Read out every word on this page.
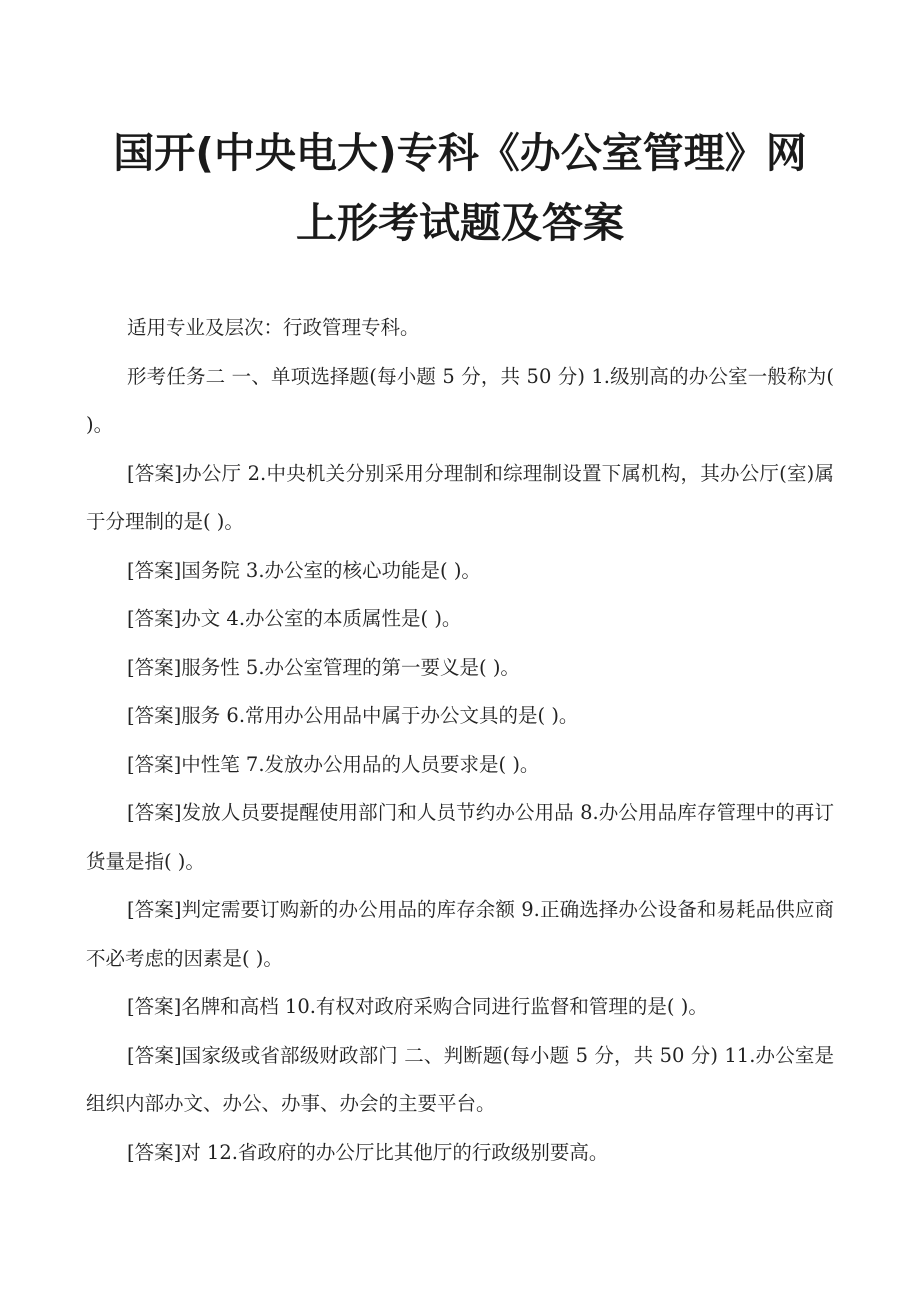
国开(中央电大)专科《办公室管理》网
上形考试题及答案

适用专业及层次：行政管理专科。

形考任务二 一、单项选择题(每小题 5 分，共 50 分) 1.级别高的办公室一般称为( )。

[答案]办公厅 2.中央机关分别采用分理制和综理制设置下属机构，其办公厅(室)属于分理制的是( )。

[答案]国务院 3.办公室的核心功能是( )。

[答案]办文 4.办公室的本质属性是( )。

[答案]服务性 5.办公室管理的第一要义是( )。

[答案]服务 6.常用办公用品中属于办公文具的是( )。

[答案]中性笔 7.发放办公用品的人员要求是( )。

[答案]发放人员要提醒使用部门和人员节约办公用品 8.办公用品库存管理中的再订货量是指( )。

[答案]判定需要订购新的办公用品的库存余额 9.正确选择办公设备和易耗品供应商不必考虑的因素是( )。

[答案]名牌和高档 10.有权对政府采购合同进行监督和管理的是( )。

[答案]国家级或省部级财政部门 二、判断题(每小题 5 分，共 50 分) 11.办公室是组织内部办文、办公、办事、办会的主要平台。

[答案]对 12.省政府的办公厅比其他厅的行政级别要高。
